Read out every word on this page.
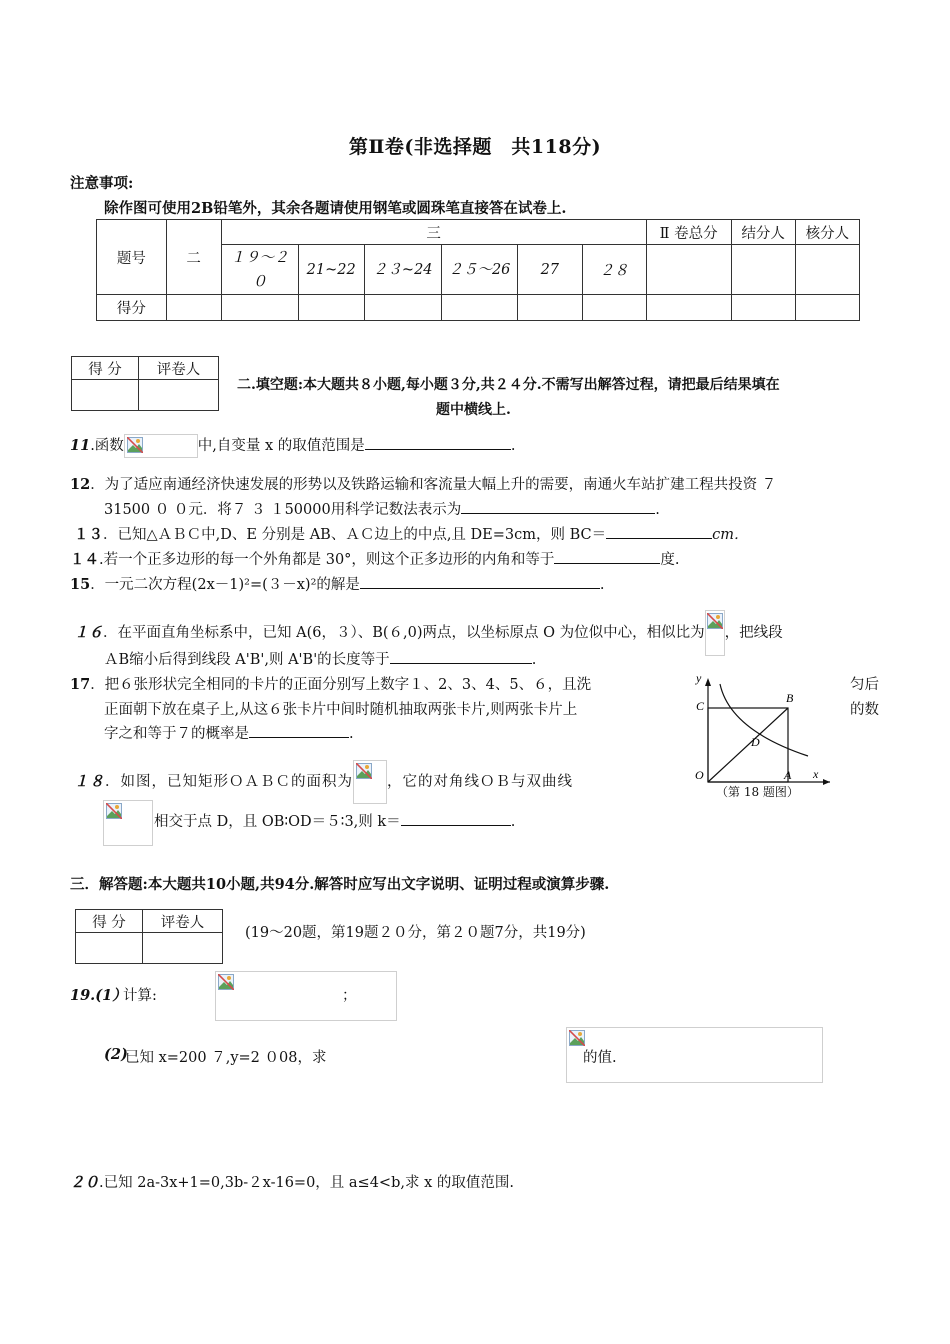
第Ⅱ卷(非选择题　共118分)
注意事项:
除作图可使用2B铅笔外，其余各题请使用钢笔或圆珠笔直接答在试卷上.
题号	二	三						Ⅱ 卷总分	结分人	核分人
		１９～２０	21~22	２３~24	２５～26	27	２８			
得分										
得 分	评卷人

二.填空题:本大题共８小题,每小题３分,共２４分.不需写出解答过程，请把最后结果填在
题中横线上.
11.函数	中,自变量 x 的取值范围是	.
12．为了适应南通经济快速发展的形势以及铁路运输和客流量大幅上升的需要，南通火车站扩建工程共投资 ７
31500 ０ ０元．将７ ３ １50000用科学记数法表示为	.
１３．已知△ＡＢＣ中,D、E 分别是 AB、ＡＣ边上的中点,且 DE=3cm，则 BC＝	cm．
１４.若一个正多边形的每一个外角都是 30°，则这个正多边形的内角和等于	度.
15．一元二次方程(2x－1)²=(３－x)²的解是	.
１６．在平面直角坐标系中，已知 A(6，３）、B(６,0)两点，以坐标原点 O 为位似中心，相似比为 ，把线段
ＡB缩小后得到线段 A'B',则 A'B'的长度等于	.
17．把６张形状完全相同的卡片的正面分别写上数字１、2、3、4、5、６，且洗	匀后
正面朝下放在桌子上,从这６张卡片中间时随机抽取两张卡片,则两张卡片上	的数
字之和等于７的概率是	.
１８．如图，已知矩形ＯＡＢＣ的面积为 ，它的对角线ＯＢ与双曲线

相交于点 D，且 OB∶OD＝５∶3,则 k＝	.
y
x
C
B
D
O	A
（第 18 题图）
三．解答题:本大题共10小题,共94分.解答时应写出文字说明、证明过程或演算步骤.
得 分	评卷人

(19～20题，第19题２０分，第２０题7分，共19分)
19.(1）
计算:
	；
(2)
已知 x=200 ７,y=2 ０08，求	的值.
２０.已知 2a-3x+1=0,3b-２x-16=0，且 a≤4<b,求 x 的取值范围.
